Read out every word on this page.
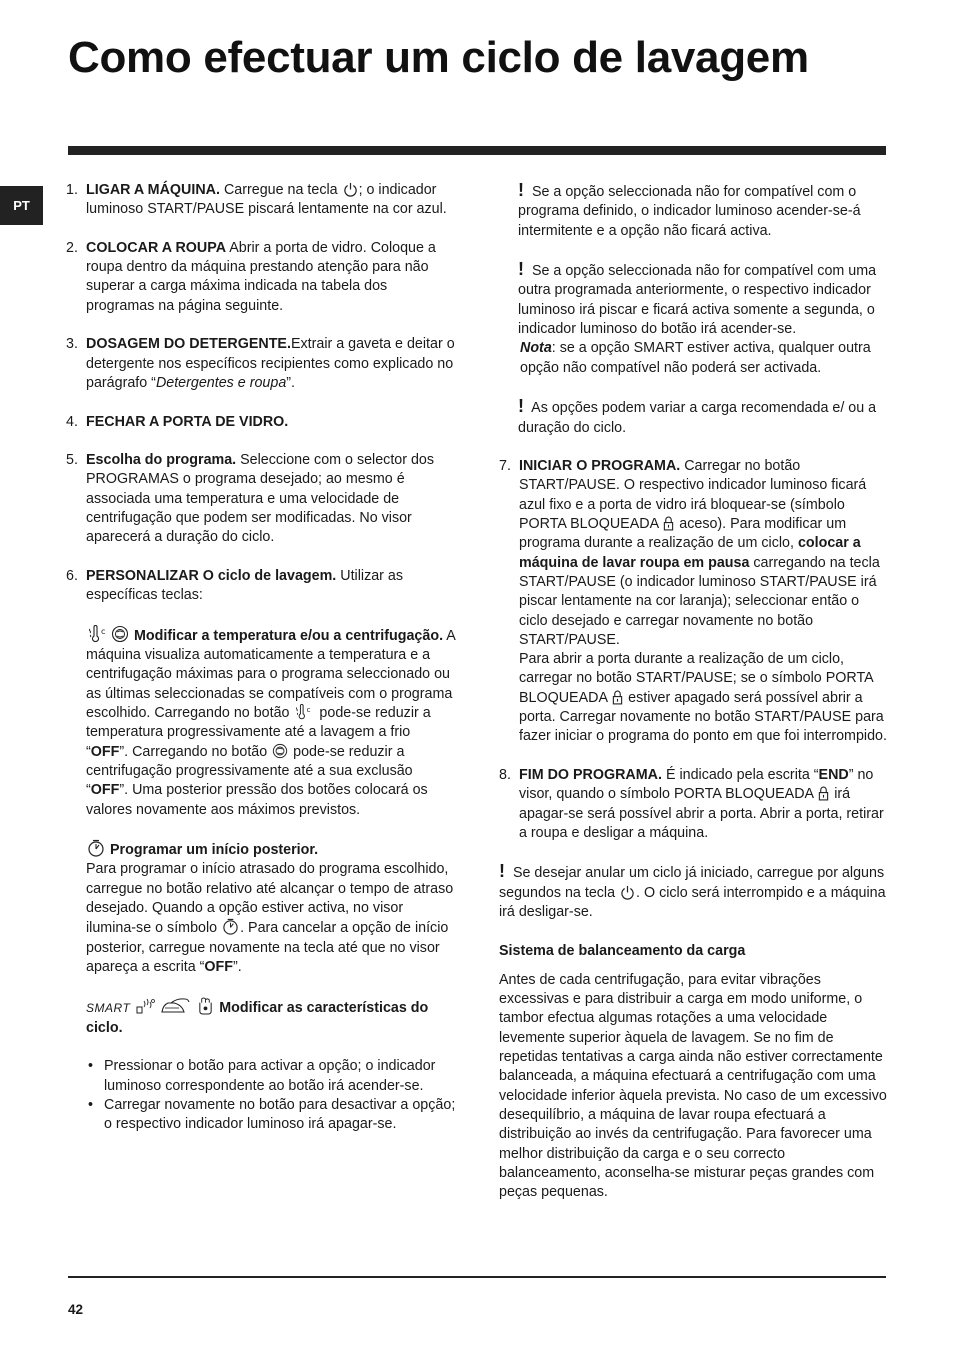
Como efectuar um ciclo de lavagem
PT
1. LIGAR A MÁQUINA. Carregue na tecla
; o indicador luminoso START/PAUSE piscará lentamente na cor azul.

2. COLOCAR A ROUPA Abrir a porta de vidro. Coloque a roupa dentro da máquina prestando atenção para não superar a carga máxima indicada na tabela dos programas na página seguinte.

3. DOSAGEM DO DETERGENTE.Extrair a gaveta e deitar o detergente nos específicos recipientes como explicado no parágrafo “Detergentes e roupa”.

4. FECHAR A PORTA DE VIDRO.

5. Escolha do programa. Seleccione com o selector dos PROGRAMAS o programa desejado; ao mesmo é associada uma temperatura e uma velocidade de centrifugação que podem ser modificadas. No visor aparecerá a duração do ciclo.

6. PERSONALIZAR O ciclo de lavagem. Utilizar as específicas teclas:

Modificar a temperatura e/ou a centrifugação. A máquina visualiza automaticamente a temperatura e a centrifugação máximas para o programa seleccionado ou as últimas seleccionadas se compatíveis com o programa escolhido. Carregando no botão
pode-se reduzir a temperatura progressivamente até a lavagem a frio “OFF”. Carregando no botão
pode-se reduzir a centrifugação progressivamente até a sua exclusão “OFF”. Uma posterior pressão dos botões colocará os valores novamente aos máximos previstos.

Programar um início posterior.
Para programar o início atrasado do programa escolhido, carregue no botão relativo até alcançar o tempo de atraso desejado. Quando a opção estiver activa, no visor ilumina-se o símbolo
. Para cancelar a opção de início posterior, carregue novamente na tecla até que no visor apareça a escrita “OFF”.

SMART
	Modificar as características do ciclo.

• Pressionar o botão para activar a opção; o indicador luminoso correspondente ao botão irá acender-se.
• Carregar novamente no botão para desactivar a opção; o respectivo indicador luminoso irá apagar-se.

! Se a opção seleccionada não for compatível com o programa definido, o indicador luminoso acender-se-á intermitente e a opção não ficará activa.

! Se a opção seleccionada não for compatível com uma outra programada anteriormente, o respectivo indicador luminoso irá piscar e ficará activa somente a segunda, o indicador luminoso do botão irá acender-se.

Nota: se a opção SMART estiver activa, qualquer outra opção não compatível não poderá ser activada.

! As opções podem variar a carga recomendada e/ ou a duração do ciclo.

7. INICIAR O PROGRAMA. Carregar no botão START/PAUSE. O respectivo indicador luminoso ficará azul fixo e a porta de vidro irá bloquear-se (símbolo PORTA BLOQUEADA
aceso). Para modificar um programa durante a realização de um ciclo, colocar a máquina de lavar roupa em pausa carregando na tecla START/PAUSE (o indicador luminoso START/PAUSE irá piscar lentamente na cor laranja); seleccionar então o ciclo desejado e carregar novamente no botão START/PAUSE.

Para abrir a porta durante a realização de um ciclo, carregar no botão START/PAUSE; se o símbolo PORTA BLOQUEADA
estiver apagado será possível abrir a porta. Carregar novamente no botão START/PAUSE para fazer iniciar o programa do ponto em que foi interrompido.

8. FIM DO PROGRAMA. É indicado pela escrita “END” no visor, quando o símbolo PORTA BLOQUEADA
irá apagar-se será possível abrir a porta. Abrir a porta, retirar a roupa e desligar a máquina.

! Se desejar anular um ciclo já iniciado, carregue por alguns segundos na tecla
. O ciclo será interrompido e a máquina irá desligar-se.

Sistema de balanceamento da carga

Antes de cada centrifugação, para evitar vibrações excessivas e para distribuir a carga em modo uniforme, o tambor efectua algumas rotações a uma velocidade levemente superior àquela de lavagem. Se no fim de repetidas tentativas a carga ainda não estiver correctamente balanceada, a máquina efectuará a centrifugação com uma velocidade inferior àquela prevista. No caso de um excessivo desequilíbrio, a máquina de lavar roupa efectuará a distribuição ao invés da centrifugação. Para favorecer uma melhor distribuição da carga e o seu correcto balanceamento, aconselha-se misturar peças grandes com peças pequenas.

42
